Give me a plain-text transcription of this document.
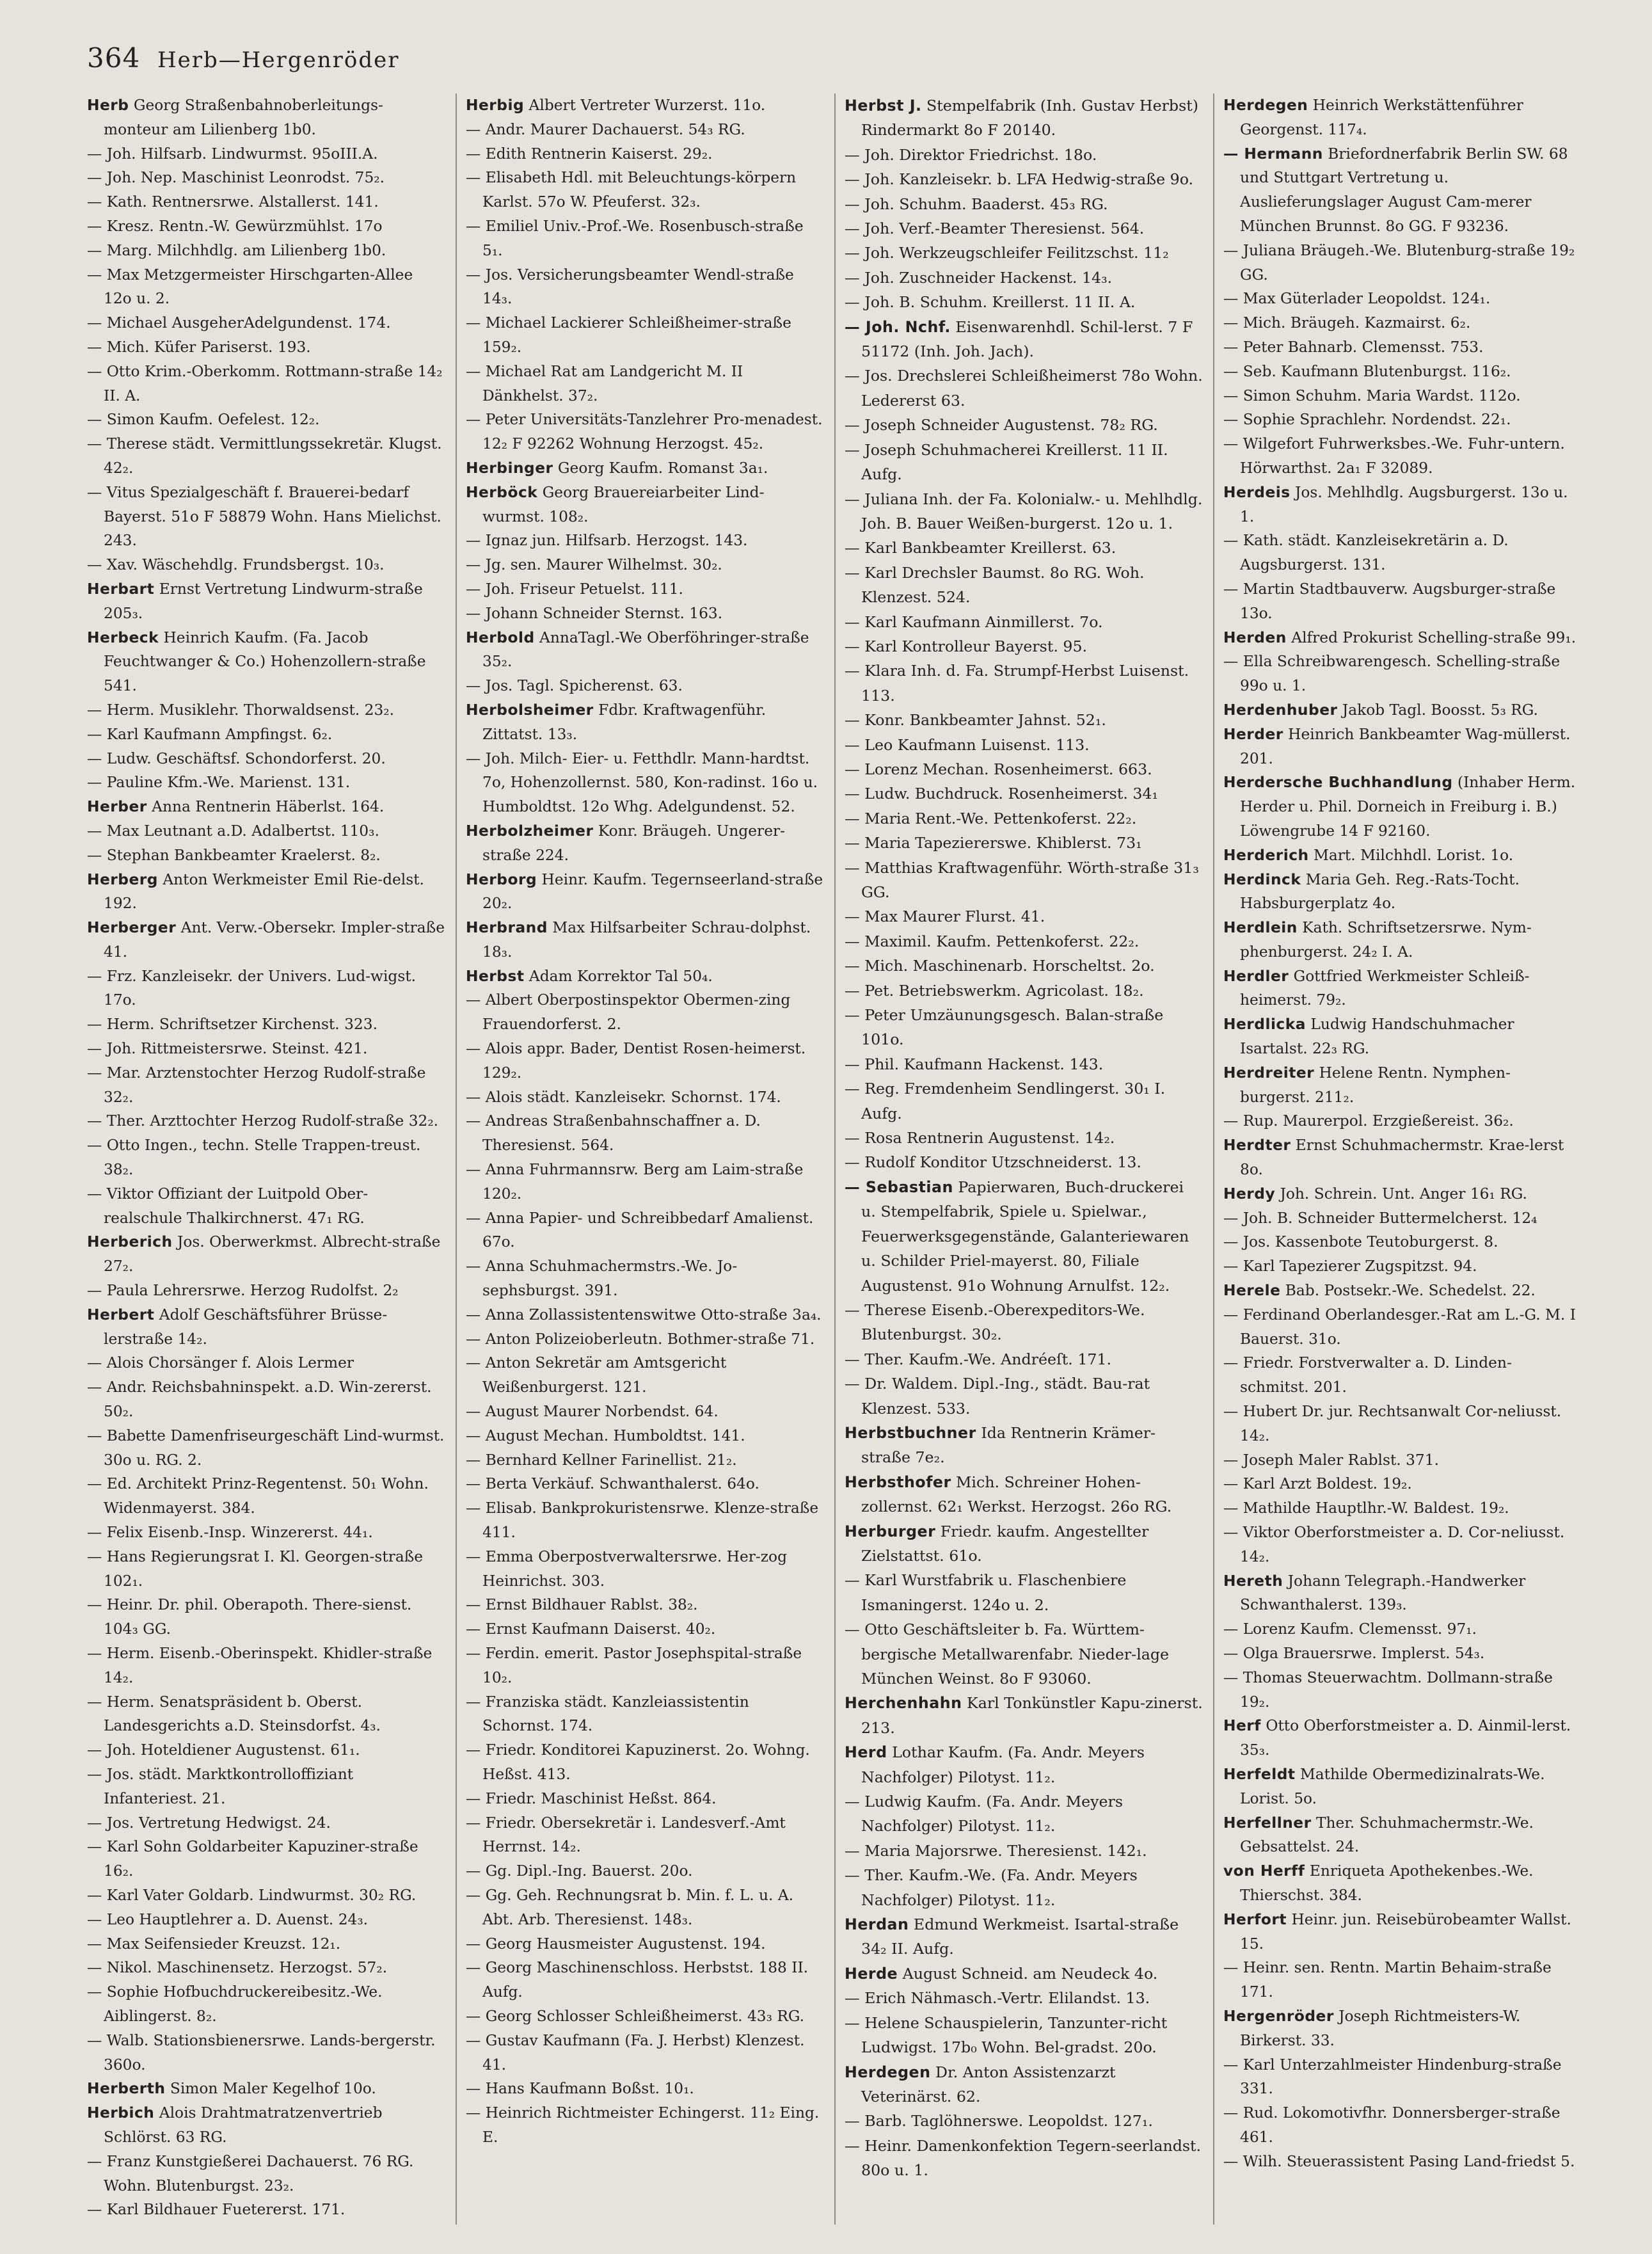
364 Herb—Hergenröder
Herb Georg Straßenbahnoberleitungs-monteur am Lilienberg 1b0.
— Joh. Hilfsarb. Lindwurmst. 95oIII.A.
— Joh. Nep. Maschinist Leonrodst. 75₂.
— Kath. Rentnersrwe. Alstallerst. 141.
— Kresz. Rentn.-W. Gewürzmühlst. 17o
— Marg. Milchhdlg. am Lilienberg 1b0.
— Max Metzgermeister Hirschgarten-Allee 12o u. 2.
— Michael AusgeherAdelgundenst. 174.
— Mich. Küfer Pariserst. 193.
— Otto Krim.-Oberkomm. Rottmann-straße 14₂ II. A.
— Simon Kaufm. Oefelest. 12₂.
— Therese städt. Vermittlungssekretär. Klugst. 42₂.
— Vitus Spezialgeschäft f. Brauerei-bedarf Bayerst. 51o F 58879 Wohn. Hans Mielichst. 243.
— Xav. Wäschehdlg. Frundsbergst. 10₃.
Herbart Ernst Vertretung Lindwurm-straße 205₃.
Herbeck Heinrich Kaufm. (Fa. Jacob Feuchtwanger & Co.) Hohenzollern-straße 541.
— Herm. Musiklehr. Thorwaldsenst. 23₂.
— Karl Kaufmann Ampfingst. 6₂.
— Ludw. Geschäftsf. Schondorferst. 20.
— Pauline Kfm.-We. Marienst. 131.
Herber Anna Rentnerin Häberlst. 164.
— Max Leutnant a.D. Adalbertst. 110₃.
— Stephan Bankbeamter Kraelerst. 8₂.
Herberg Anton Werkmeister Emil Rie-delst. 192.
Herberger Ant. Verw.-Obersekr. Impler-straße 41.
— Frz. Kanzleisekr. der Univers. Lud-wigst. 17o.
— Herm. Schriftsetzer Kirchenst. 323.
— Joh. Rittmeistersrwe. Steinst. 421.
— Mar. Arztenstochter Herzog Rudolf-straße 32₂.
— Ther. Arzttochter Herzog Rudolf-straße 32₂.
— Otto Ingen., techn. Stelle Trappen-treust. 38₂.
— Viktor Offiziant der Luitpold Ober-realschule Thalkirchnerst. 47₁ RG.
Herberich Jos. Oberwerkmst. Albrecht-straße 27₂.
— Paula Lehrersrwe. Herzog Rudolfst. 2₂
Herbert Adolf Geschäftsführer Brüsse-lerstraße 14₂.
— Alois Chorsänger f. Alois Lermer
— Andr. Reichsbahninspekt. a.D. Win-zererst. 50₂.
— Babette Damenfriseurgeschäft Lind-wurmst. 30o u. RG. 2.
— Ed. Architekt Prinz-Regentenst. 50₁ Wohn. Widenmayerst. 384.
— Felix Eisenb.-Insp. Winzererst. 44₁.
— Hans Regierungsrat I. Kl. Georgen-straße 102₁.
— Heinr. Dr. phil. Oberapoth. There-sienst. 104₃ GG.
— Herm. Eisenb.-Oberinspekt. Khidler-straße 14₂.
— Herm. Senatspräsident b. Oberst. Landesgerichts a.D. Steinsdorfst. 4₃.
— Joh. Hoteldiener Augustenst. 61₁.
— Jos. städt. Marktkontrolloffiziant Infanteriest. 21.
— Jos. Vertretung Hedwigst. 24.
— Karl Sohn Goldarbeiter Kapuziner-straße 16₂.
— Karl Vater Goldarb. Lindwurmst. 30₂ RG.
— Leo Hauptlehrer a. D. Auenst. 24₃.
— Max Seifensieder Kreuzst. 12₁.
— Nikol. Maschinensetz. Herzogst. 57₂.
— Sophie Hofbuchdruckereibesitz.-We. Aiblingerst. 8₂.
— Walb. Stationsbienersrwe. Lands-bergerstr. 360o.
Herberth Simon Maler Kegelhof 10o.
Herbich Alois Drahtmatratzenvertrieb Schlörst. 63 RG.
— Franz Kunstgießerei Dachauerst. 76 RG. Wohn. Blutenburgst. 23₂.
— Karl Bildhauer Fuetererst. 171.
Herbig Albert Vertreter Wurzerst. 11o.
— Andr. Maurer Dachauerst. 54₃ RG.
— Edith Rentnerin Kaiserst. 29₂.
— Elisabeth Hdl. mit Beleuchtungs-körpern Karlst. 57o W. Pfeuferst. 32₃.
— Emiliel Univ.-Prof.-We. Rosenbusch-straße 5₁.
— Jos. Versicherungsbeamter Wendl-straße 14₃.
— Michael Lackierer Schleißheimer-straße 159₂.
— Michael Rat am Landgericht M. II Dänkhelst. 37₂.
— Peter Universitäts-Tanzlehrer Pro-menadest. 12₂ F 92262 Wohnung Herzogst. 45₂.
Herbinger Georg Kaufm. Romanst 3a₁.
Herböck Georg Brauereiarbeiter Lind-wurmst. 108₂.
— Ignaz jun. Hilfsarb. Herzogst. 143.
— Jg. sen. Maurer Wilhelmst. 30₂.
— Joh. Friseur Petuelst. 111.
— Johann Schneider Sternst. 163.
Herbold AnnaTagl.-We Oberföhringer-straße 35₂.
— Jos. Tagl. Spicherenst. 63.
Herbolsheimer Fdbr. Kraftwagenführ. Zittatst. 13₃.
— Joh. Milch- Eier- u. Fetthdlr. Mann-hardtst. 7o, Hohenzollernst. 580, Kon-radinst. 16o u. Humboldtst. 12o Whg. Adelgundenst. 52.
Herbolzheimer Konr. Bräugeh. Ungerer-straße 224.
Herborg Heinr. Kaufm. Tegernseerland-straße 20₂.
Herbrand Max Hilfsarbeiter Schrau-dolphst. 18₃.
Herbst Adam Korrektor Tal 50₄.
— Albert Oberpostinspektor Obermen-zing Frauendorferst. 2.
— Alois appr. Bader, Dentist Rosen-heimerst. 129₂.
— Alois städt. Kanzleisekr. Schornst. 174.
— Andreas Straßenbahnschaffner a. D. Theresienst. 564.
— Anna Fuhrmannsrw. Berg am Laim-straße 120₂.
— Anna Papier- und Schreibbedarf Amalienst. 67o.
— Anna Schuhmachermstrs.-We. Jo-sephsburgst. 391.
— Anna Zollassistentenswitwe Otto-straße 3a₄.
— Anton Polizeioberleutn. Bothmer-straße 71.
— Anton Sekretär am Amtsgericht Weißenburgerst. 121.
— August Maurer Norbendst. 64.
— August Mechan. Humboldtst. 141.
— Bernhard Kellner Farinellist. 21₂.
— Berta Verkäuf. Schwanthalerst. 64o.
— Elisab. Bankprokuristensrwe. Klenze-straße 411.
— Emma Oberpostverwaltersrwe. Her-zog Heinrichst. 303.
— Ernst Bildhauer Rablst. 38₂.
— Ernst Kaufmann Daiserst. 40₂.
— Ferdin. emerit. Pastor Josephspital-straße 10₂.
— Franziska städt. Kanzleiassistentin Schornst. 174.
— Friedr. Konditorei Kapuzinerst. 2o. Wohng. Heßst. 413.
— Friedr. Maschinist Heßst. 864.
— Friedr. Obersekretär i. Landesverf.-Amt Herrnst. 14₂.
— Gg. Dipl.-Ing. Bauerst. 20o.
— Gg. Geh. Rechnungsrat b. Min. f. L. u. A. Abt. Arb. Theresienst. 148₃.
— Georg Hausmeister Augustenst. 194.
— Georg Maschinenschloss. Herbstst. 188 II. Aufg.
— Georg Schlosser Schleißheimerst. 43₃ RG.
— Gustav Kaufmann (Fa. J. Herbst) Klenzest. 41.
— Hans Kaufmann Boßst. 10₁.
— Heinrich Richtmeister Echingerst. 11₂ Eing. E.
Herbst J. Stempelfabrik (Inh. Gustav Herbst) Rindermarkt 8o F 20140.
— Joh. Direktor Friedrichst. 18o.
— Joh. Kanzleisekr. b. LFA Hedwig-straße 9o.
— Joh. Schuhm. Baaderst. 45₃ RG.
— Joh. Verf.-Beamter Theresienst. 564.
— Joh. Werkzeugschleifer Feilitzschst. 11₂
— Joh. Zuschneider Hackenst. 14₃.
— Joh. B. Schuhm. Kreillerst. 11 II. A.
— Joh. Nchf. Eisenwarenhdl. Schil-lerst. 7 F 51172 (Inh. Joh. Jach).
— Jos. Drechslerei Schleißheimerst 78o Wohn. Ledererst 63.
— Joseph Schneider Augustenst. 78₂ RG.
— Joseph Schuhmacherei Kreillerst. 11 II. Aufg.
— Juliana Inh. der Fa. Kolonialw.- u. Mehlhdlg. Joh. B. Bauer Weißen-burgerst. 12o u. 1.
— Karl Bankbeamter Kreillerst. 63.
— Karl Drechsler Baumst. 8o RG. Woh. Klenzest. 524.
— Karl Kaufmann Ainmillerst. 7o.
— Karl Kontrolleur Bayerst. 95.
— Klara Inh. d. Fa. Strumpf-Herbst Luisenst. 113.
— Konr. Bankbeamter Jahnst. 52₁.
— Leo Kaufmann Luisenst. 113.
— Lorenz Mechan. Rosenheimerst. 663.
— Ludw. Buchdruck. Rosenheimerst. 34₁
— Maria Rent.-We. Pettenkoferst. 22₂.
— Maria Tapeziererswe. Khiblerst. 73₁
— Matthias Kraftwagenführ. Wörth-straße 31₃ GG.
— Max Maurer Flurst. 41.
— Maximil. Kaufm. Pettenkoferst. 22₂.
— Mich. Maschinenarb. Horscheltst. 2o.
— Pet. Betriebswerkm. Agricolast. 18₂.
— Peter Umzäunungsgesch. Balan-straße 101o.
— Phil. Kaufmann Hackenst. 143.
— Reg. Fremdenheim Sendlingerst. 30₁ I. Aufg.
— Rosa Rentnerin Augustenst. 14₂.
— Rudolf Konditor Utzschneiderst. 13.
— Sebastian Papierwaren, Buch-druckerei u. Stempelfabrik, Spiele u. Spielwar., Feuerwerksgegenstände, Galanteriewaren u. Schilder Priel-mayerst. 80, Filiale Augustenst. 91o Wohnung Arnulfst. 12₂.
— Therese Eisenb.-Oberexpeditors-We. Blutenburgst. 30₂.
— Ther. Kaufm.-We. Andréeſt. 171.
— Dr. Waldem. Dipl.-Ing., städt. Bau-rat Klenzest. 533.
Herbstbuchner Ida Rentnerin Krämer-straße 7e₂.
Herbsthofer Mich. Schreiner Hohen-zollernst. 62₁ Werkst. Herzogst. 26o RG.
Herburger Friedr. kaufm. Angestellter Zielstattst. 61o.
— Karl Wurstfabrik u. Flaschenbiere Ismaningerst. 124o u. 2.
— Otto Geschäftsleiter b. Fa. Württem-bergische Metallwarenfabr. Nieder-lage München Weinst. 8o F 93060.
Herchenhahn Karl Tonkünstler Kapu-zinerst. 213.
Herd Lothar Kaufm. (Fa. Andr. Meyers Nachfolger) Pilotyst. 11₂.
— Ludwig Kaufm. (Fa. Andr. Meyers Nachfolger) Pilotyst. 11₂.
— Maria Majorsrwe. Theresienst. 142₁.
— Ther. Kaufm.-We. (Fa. Andr. Meyers Nachfolger) Pilotyst. 11₂.
Herdan Edmund Werkmeist. Isartal-straße 34₂ II. Aufg.
Herde August Schneid. am Neudeck 4o.
— Erich Nähmasch.-Vertr. Elilandst. 13.
— Helene Schauspielerin, Tanzunter-richt Ludwigst. 17b₀ Wohn. Bel-gradst. 20o.
Herdegen Dr. Anton Assistenzarzt Veterinärst. 62.
— Barb. Taglöhnerswe. Leopoldst. 127₁.
— Heinr. Damenkonfektion Tegern-seerlandst. 80o u. 1.
Herdegen Heinrich Werkstättenführer Georgenst. 117₄.
— Hermann Briefordnerfabrik Berlin SW. 68 und Stuttgart Vertretung u. Auslieferungslager August Cam-merer München Brunnst. 8o GG. F 93236.
— Juliana Bräugeh.-We. Blutenburg-straße 19₂ GG.
— Max Güterlader Leopoldst. 124₁.
— Mich. Bräugeh. Kazmairst. 6₂.
— Peter Bahnarb. Clemensst. 753.
— Seb. Kaufmann Blutenburgst. 116₂.
— Simon Schuhm. Maria Wardst. 112o.
— Sophie Sprachlehr. Nordendst. 22₁.
— Wilgefort Fuhrwerksbes.-We. Fuhr-untern. Hörwarthst. 2a₁ F 32089.
Herdeis Jos. Mehlhdlg. Augsburgerst. 13o u. 1.
— Kath. städt. Kanzleisekretärin a. D. Augsburgerst. 131.
— Martin Stadtbauverw. Augsburger-straße 13o.
Herden Alfred Prokurist Schelling-straße 99₁.
— Ella Schreibwarengesch. Schelling-straße 99o u. 1.
Herdenhuber Jakob Tagl. Boosst. 5₃ RG.
Herder Heinrich Bankbeamter Wag-müllerst. 201.
Herdersche Buchhandlung (Inhaber Herm. Herder u. Phil. Dorneich in Freiburg i. B.) Löwengrube 14 F 92160.
Herderich Mart. Milchhdl. Lorist. 1o.
Herdinck Maria Geh. Reg.-Rats-Tocht. Habsburgerplatz 4o.
Herdlein Kath. Schriftsetzersrwe. Nym-phenburgerst. 24₂ I. A.
Herdler Gottfried Werkmeister Schleiß-heimerst. 79₂.
Herdlicka Ludwig Handschuhmacher Isartalst. 22₃ RG.
Herdreiter Helene Rentn. Nymphen-burgerst. 211₂.
— Rup. Maurerpol. Erzgießereist. 36₂.
Herdter Ernst Schuhmachermstr. Krae-lerst 8o.
Herdy Joh. Schrein. Unt. Anger 16₁ RG.
— Joh. B. Schneider Buttermelcherst. 12₄
— Jos. Kassenbote Teutoburgerst. 8.
— Karl Tapezierer Zugspitzst. 94.
Herele Bab. Postsekr.-We. Schedelst. 22.
— Ferdinand Oberlandesger.-Rat am L.-G. M. I Bauerst. 31o.
— Friedr. Forstverwalter a. D. Linden-schmitst. 201.
— Hubert Dr. jur. Rechtsanwalt Cor-neliusst. 14₂.
— Joseph Maler Rablst. 371.
— Karl Arzt Boldest. 19₂.
— Mathilde Hauptlhr.-W. Baldest. 19₂.
— Viktor Oberforstmeister a. D. Cor-neliusst. 14₂.
Hereth Johann Telegraph.-Handwerker Schwanthalerst. 139₃.
— Lorenz Kaufm. Clemensst. 97₁.
— Olga Brauersrwe. Implerst. 54₃.
— Thomas Steuerwachtm. Dollmann-straße 19₂.
Herf Otto Oberforstmeister a. D. Ainmil-lerst. 35₃.
Herfeldt Mathilde Obermedizinalrats-We. Lorist. 5o.
Herfellner Ther. Schuhmachermstr.-We. Gebsattelst. 24.
von Herff Enriqueta Apothekenbes.-We. Thierschst. 384.
Herfort Heinr. jun. Reisebürobeamter Wallst. 15.
— Heinr. sen. Rentn. Martin Behaim-straße 171.
Hergenröder Joseph Richtmeisters-W. Birkerst. 33.
— Karl Unterzahlmeister Hindenburg-straße 331.
— Rud. Lokomotivfhr. Donnersberger-straße 461.
— Wilh. Steuerassistent Pasing Land-friedst 5.
